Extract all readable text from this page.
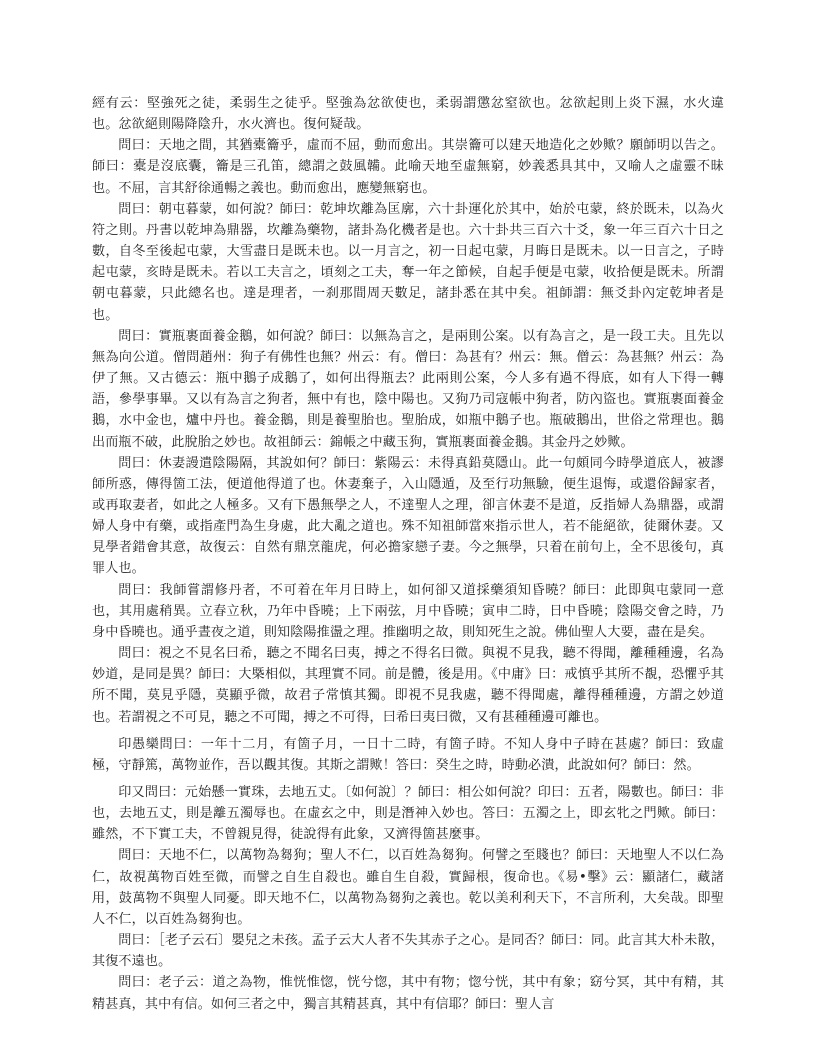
經有云：堅強死之徒，柔弱生之徒乎。堅強為忿欲使也，柔弱謂懲忿窒欲也。忿欲起則上炎下濕，水火違也。忿欲絕則陽降陰升，水火濟也。復何疑哉。

問曰：天地之間，其猶橐籥乎，虛而不屈，動而愈出。其崇籥可以建天地造化之妙歟？願師明以告之。師曰：橐是沒底囊，籥是三孔笛，總謂之鼓風韛。此喻天地至虛無窮，妙義悉具其中，又喻人之虛靈不昧也。不屈，言其舒徐通暢之義也。動而愈出，應變無窮也。

問曰：朝屯暮蒙，如何說？師曰：乾坤坎離為匡廓，六十卦運化於其中，始於屯蒙，終於既未，以為火符之則。丹書以乾坤為鼎器，坎離為藥物，諸卦為化機者是也。六十卦共三百六十爻，象一年三百六十日之數，自冬至後起屯蒙，大雪盡日是既未也。以一月言之，初一日起屯蒙，月晦日是既未。以一日言之，子時起屯蒙，亥時是既未。若以工夫言之，頃刻之工夫，奪一年之節候，自起手便是屯蒙，收拾便是既未。所謂朝屯暮蒙，只此總名也。達是理者，一刹那間周天數足，諸卦悉在其中矣。祖師謂：無爻卦內定乾坤者是也。

問曰：實瓶裹面養金鵝，如何說？師曰：以無為言之，是兩則公案。以有為言之，是一段工夫。且先以無為向公道。僧問趙州：狗子有佛性也無？州云：有。僧曰：為甚有？州云：無。僧云：為甚無？州云：為伊了無。又古德云：瓶中鵝子成鵝了，如何出得瓶去？此兩則公案，今人多有過不得底，如有人下得一轉語，參學事畢。又以有為言之狗者，無中有也，陰中陽也。又狗乃司寇帳中狗者，防內盜也。實瓶裹面養金鵝，水中金也，爐中丹也。養金鵝，則是養聖胎也。聖胎成，如瓶中鵝子也。瓶破鵝出，世俗之常理也。鵝出而瓶不破，此脫胎之妙也。故祖師云：錦帳之中藏玉狗，實瓶裹面養金鵝。其金丹之妙歟。

問曰：休妻謾遣陰陽隔，其說如何？師曰：紫陽云：未得真鉛莫隱山。此一句頗同今時學道底人，被謬師所惑，傳得箇工法，便道他得道了也。休妻棄子，入山隱遁，及至行功無驗，便生退悔，或還俗歸家者，或再取妻者，如此之人極多。又有下愚無學之人，不達聖人之理，卻言休妻不是道，反指婦人為鼎器，或謂婦人身中有藥，或指產門為生身處，此大亂之道也。殊不知祖師當來指示世人，若不能絕欲，徒爾休妻。又見學者錯會其意，故復云：自然有鼎烹龍虎，何必擔家戀子妻。今之無學，只着在前句上，全不思後句，真罪人也。

問曰：我師嘗謂修丹者，不可着在年月日時上，如何卻又道採藥須知昏曉？師曰：此即與屯蒙同一意也，其用處稍異。立春立秋，乃年中昏曉；上下兩弦，月中昏曉；寅申二時，日中昏曉；陰陽交會之時，乃身中昏曉也。通乎晝夜之道，則知陰陽推盪之理。推幽明之故，則知死生之說。佛仙聖人大要，盡在是矣。

問曰：視之不見名曰希，聽之不聞名曰夷，搏之不得名曰微。與視不見我，聽不得聞，離種種邊，名為妙道，是同是異？師曰：大槩相似，其理實不同。前是體，後是用。《中庸》曰：戒慎乎其所不覩，恐懼乎其所不聞，莫見乎隱，莫顯乎微，故君子常慎其獨。即視不見我處，聽不得聞處，離得種種邊，方謂之妙道也。若謂視之不可見，聽之不可聞，搏之不可得，曰希曰夷曰微，又有甚種種邊可離也。

印愚欒問曰：一年十二月，有箇子月，一日十二時，有箇子時。不知人身中子時在甚處？師曰：致虛極，守靜篤，萬物並作，吾以觀其復。其斯之謂歟！答曰：癸生之時，時動必潰，此說如何？師曰：然。

印又問曰：元始懸一實珠，去地五丈。〔如何說〕？師曰：相公如何說？印曰：五者，陽數也。師曰：非也，去地五丈，則是離五濁辱也。在虛玄之中，則是潛神入妙也。答曰：五濁之上，即玄牝之門歟。師曰：雖然，不下實工夫，不曾親見得，徒說得有此象，又濟得箇甚麼事。

問曰：天地不仁，以萬物為芻狗；聖人不仁，以百姓為芻狗。何譬之至賤也？師曰：天地聖人不以仁為仁，故視萬物百姓至微，而譬之自生自殺也。雖自生自殺，實歸根，復命也。《易•擊》云：顯諸仁，藏諸用，鼓萬物不與聖人同憂。即天地不仁，以萬物為芻狗之義也。乾以美利利天下，不言所利，大矣哉。即聖人不仁，以百姓為芻狗也。

問曰：［老子云石〕嬰兒之未孩。孟子云大人者不失其赤子之心。是同否？師曰：同。此言其大朴未散，其復不遠也。

問曰：老子云：道之為物，惟恍惟惚，恍兮惚，其中有物；惚兮恍，其中有象；窈兮冥，其中有精，其精甚真，其中有信。如何三者之中，獨言其精甚真，其中有信耶？師曰：聖人言
